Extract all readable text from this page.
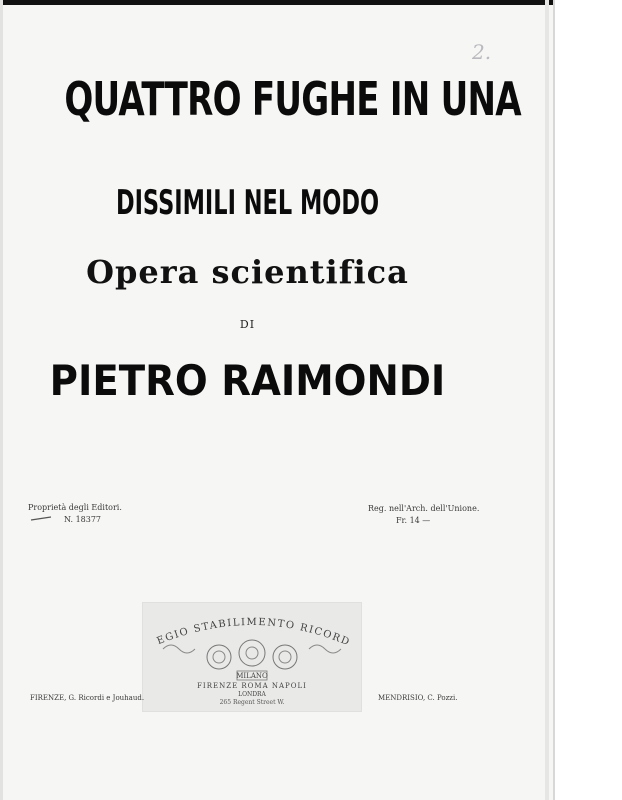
2.
QUATTRO FUGHE IN UNA
DISSIMILI NEL MODO
Opera scientifica
DI
PIETRO RAIMONDI
Proprietà degli Editori.
N. 18377
Reg. nell'Arch. dell'Unione.
Fr. 14 —
EGIO STABILIMENTO RICORD
MILANO
FIRENZE ROMA NAPOLI
LONDRA
265 Regent Street W.
FIRENZE, G. Ricordi e Jouhaud.	MENDRISIO, C. Pozzi.
